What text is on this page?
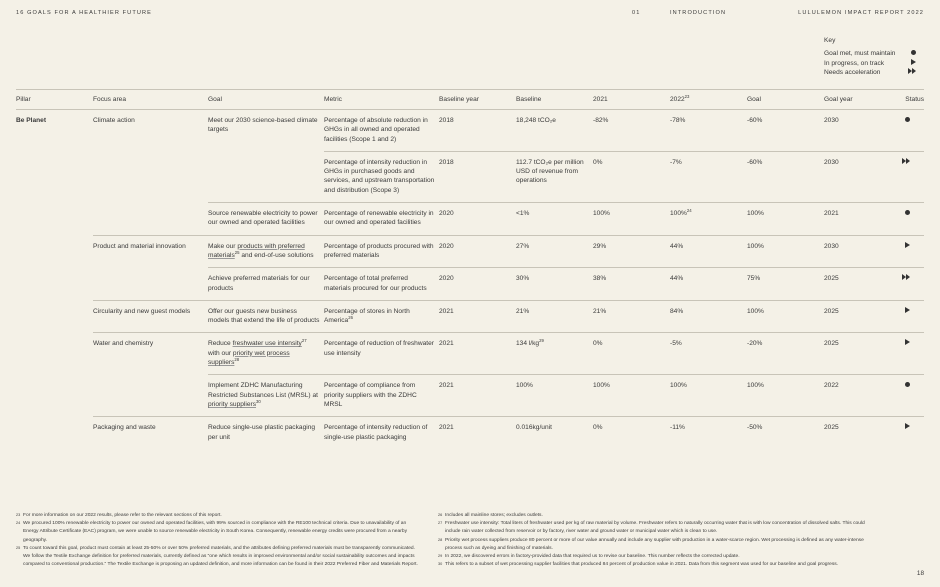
16 GOALS FOR A HEALTHIER FUTURE	01	INTRODUCTION	LULULEMON IMPACT REPORT 2022
Key
Goal met, must maintain
In progress, on track
Needs acceleration
Pillar	Focus area	Goal	Metric	Baseline year	Baseline	2021	2022$^{23}$	Goal	Goal year	Status
Be Planet	Climate action	Meet our 2030 science-based climate targets	Percentage of absolute reduction in GHGs in all owned and operated facilities (Scope 1 and 2)	2018	18,248 tCO₂e	-82%	-78%	-60%	2030	
			Percentage of intensity reduction in GHGs in purchased goods and services, and upstream transportation and distribution (Scope 3)	2018	112.7 tCO₂e per million USD of revenue from operations	0%	-7%	-60%	2030	
		Source renewable electricity to power our owned and operated facilities	Percentage of renewable electricity in our owned and operated facilities	2020	<1%	100%	100%$^{24}$	100%	2021	
	Product and material innovation	Make our products with preferred materials$^{25}$ and end-of-use solutions	Percentage of products procured with preferred materials	2020	27%	29%	44%	100%	2030	
		Achieve preferred materials for our products	Percentage of total preferred materials procured for our products	2020	30%	38%	44%	75%	2025	
	Circularity and new guest models	Offer our guests new business models that extend the life of products	Percentage of stores in North America$^{26}$	2021	21%	21%	84%	100%	2025	
	Water and chemistry	Reduce freshwater use intensity$^{27}$ with our priority wet process suppliers$^{28}$	Percentage of reduction of freshwater use intensity	2021	134 $l/kg^{29}$	0%	-5%	-20%	2025	
		Implement ZDHC Manufacturing Restricted Substances List (MRSL) at priority suppliers$^{30}$	Percentage of compliance from priority suppliers with the ZDHC MRSL	2021	100%	100%	100%	100%	2022	
	Packaging and waste	Reduce single-use plastic packaging per unit	Percentage of intensity reduction of single-use plastic packaging	2021	0.016kg/unit	0%	-11%	-50%	2025	
23 For more information on our 2022 results, please refer to the relevant sections of this report.
24 We procured 100% renewable electricity to power our owned and operated facilities, with 99% sourced in compliance with the RE100 technical criteria. Due to unavailability of an Energy Attribute Certificate (EAC) program, we were unable to source renewable electricity in South Korea. Consequently, renewable energy credits were procured from a nearby geography.
25 To count toward this goal, product must contain at least 25-50% or over 50% preferred materials, and the attributes defining preferred materials must be transparently communicated. We follow the Textile Exchange definition for preferred materials, currently defined as “one which results in improved environmental and/or social sustainability outcomes and impacts compared to conventional production.” The Textile Exchange is proposing an updated definition, and more information can be found in their 2022 Preferred Fiber and Materials Report.
26 Includes all mainline stores; excludes outlets.
27 Freshwater use intensity: Total liters of freshwater used per kg of raw material by volume. Freshwater refers to naturally occurring water that is with low concentration of dissolved salts. This could include rain water collected from reservoir or by factory, river water and ground water or municipal water which is clean to use.
28 Priority wet process suppliers produce 80 percent or more of our value annually and include any supplier with production in a water-scarce region. Wet processing is defined as any water-intense process such as dyeing and finishing of materials.
29 In 2022, we discovered errors in factory-provided data that required us to revise our baseline. This number reflects the corrected update.
30 This refers to a subset of wet processing supplier facilities that produced 84 percent of production value in 2021. Data from this segment was used for our baseline and goal progress.
18
